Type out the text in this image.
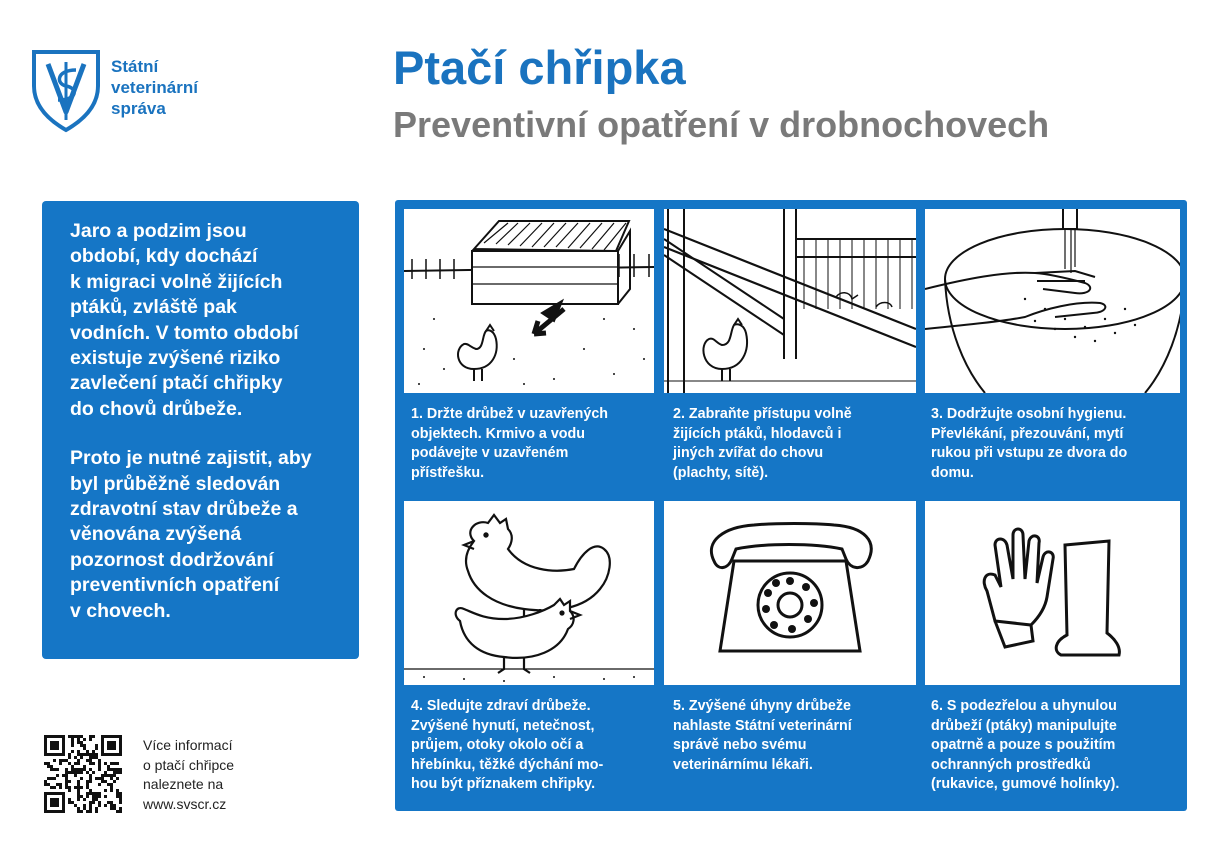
Státní
veterinární
správa
Ptačí chřipka
Preventivní opatření v drobnochovech

Jaro a podzim jsou
období, kdy dochází
k migraci volně žijících
ptáků, zvláště pak
vodních. V tomto období
existuje zvýšené riziko
zavlečení ptačí chřipky
do chovů drůbeže.

Proto je nutné zajistit, aby
byl průběžně sledován
zdravotní stav drůbeže a
věnována zvýšená
pozornost dodržování
preventivních opatření
v chovech.

Více informací
o ptačí chřipce
naleznete na
www.svscr.cz
1. Držte drůbež v uzavřených
objektech. Krmivo a vodu
podávejte v uzavřeném
přístřešku.
2. Zabraňte přístupu volně
žijících ptáků, hlodavců i
jiných zvířat do chovu
(plachty, sítě).
3. Dodržujte osobní hygienu.
Převlékání, přezouvání, mytí
rukou při vstupu ze dvora do
domu.
4. Sledujte zdraví drůbeže.
Zvýšené hynutí, netečnost,
průjem, otoky okolo očí a
hřebínku, těžké dýchání mo-
hou být příznakem chřipky.
5. Zvýšené úhyny drůbeže
nahlaste Státní veterinární
správě nebo svému
veterinárnímu lékaři.
6. S podezřelou a uhynulou
drůbeží (ptáky) manipulujte
opatrně a pouze s použitím
ochranných prostředků
(rukavice, gumové holínky).
